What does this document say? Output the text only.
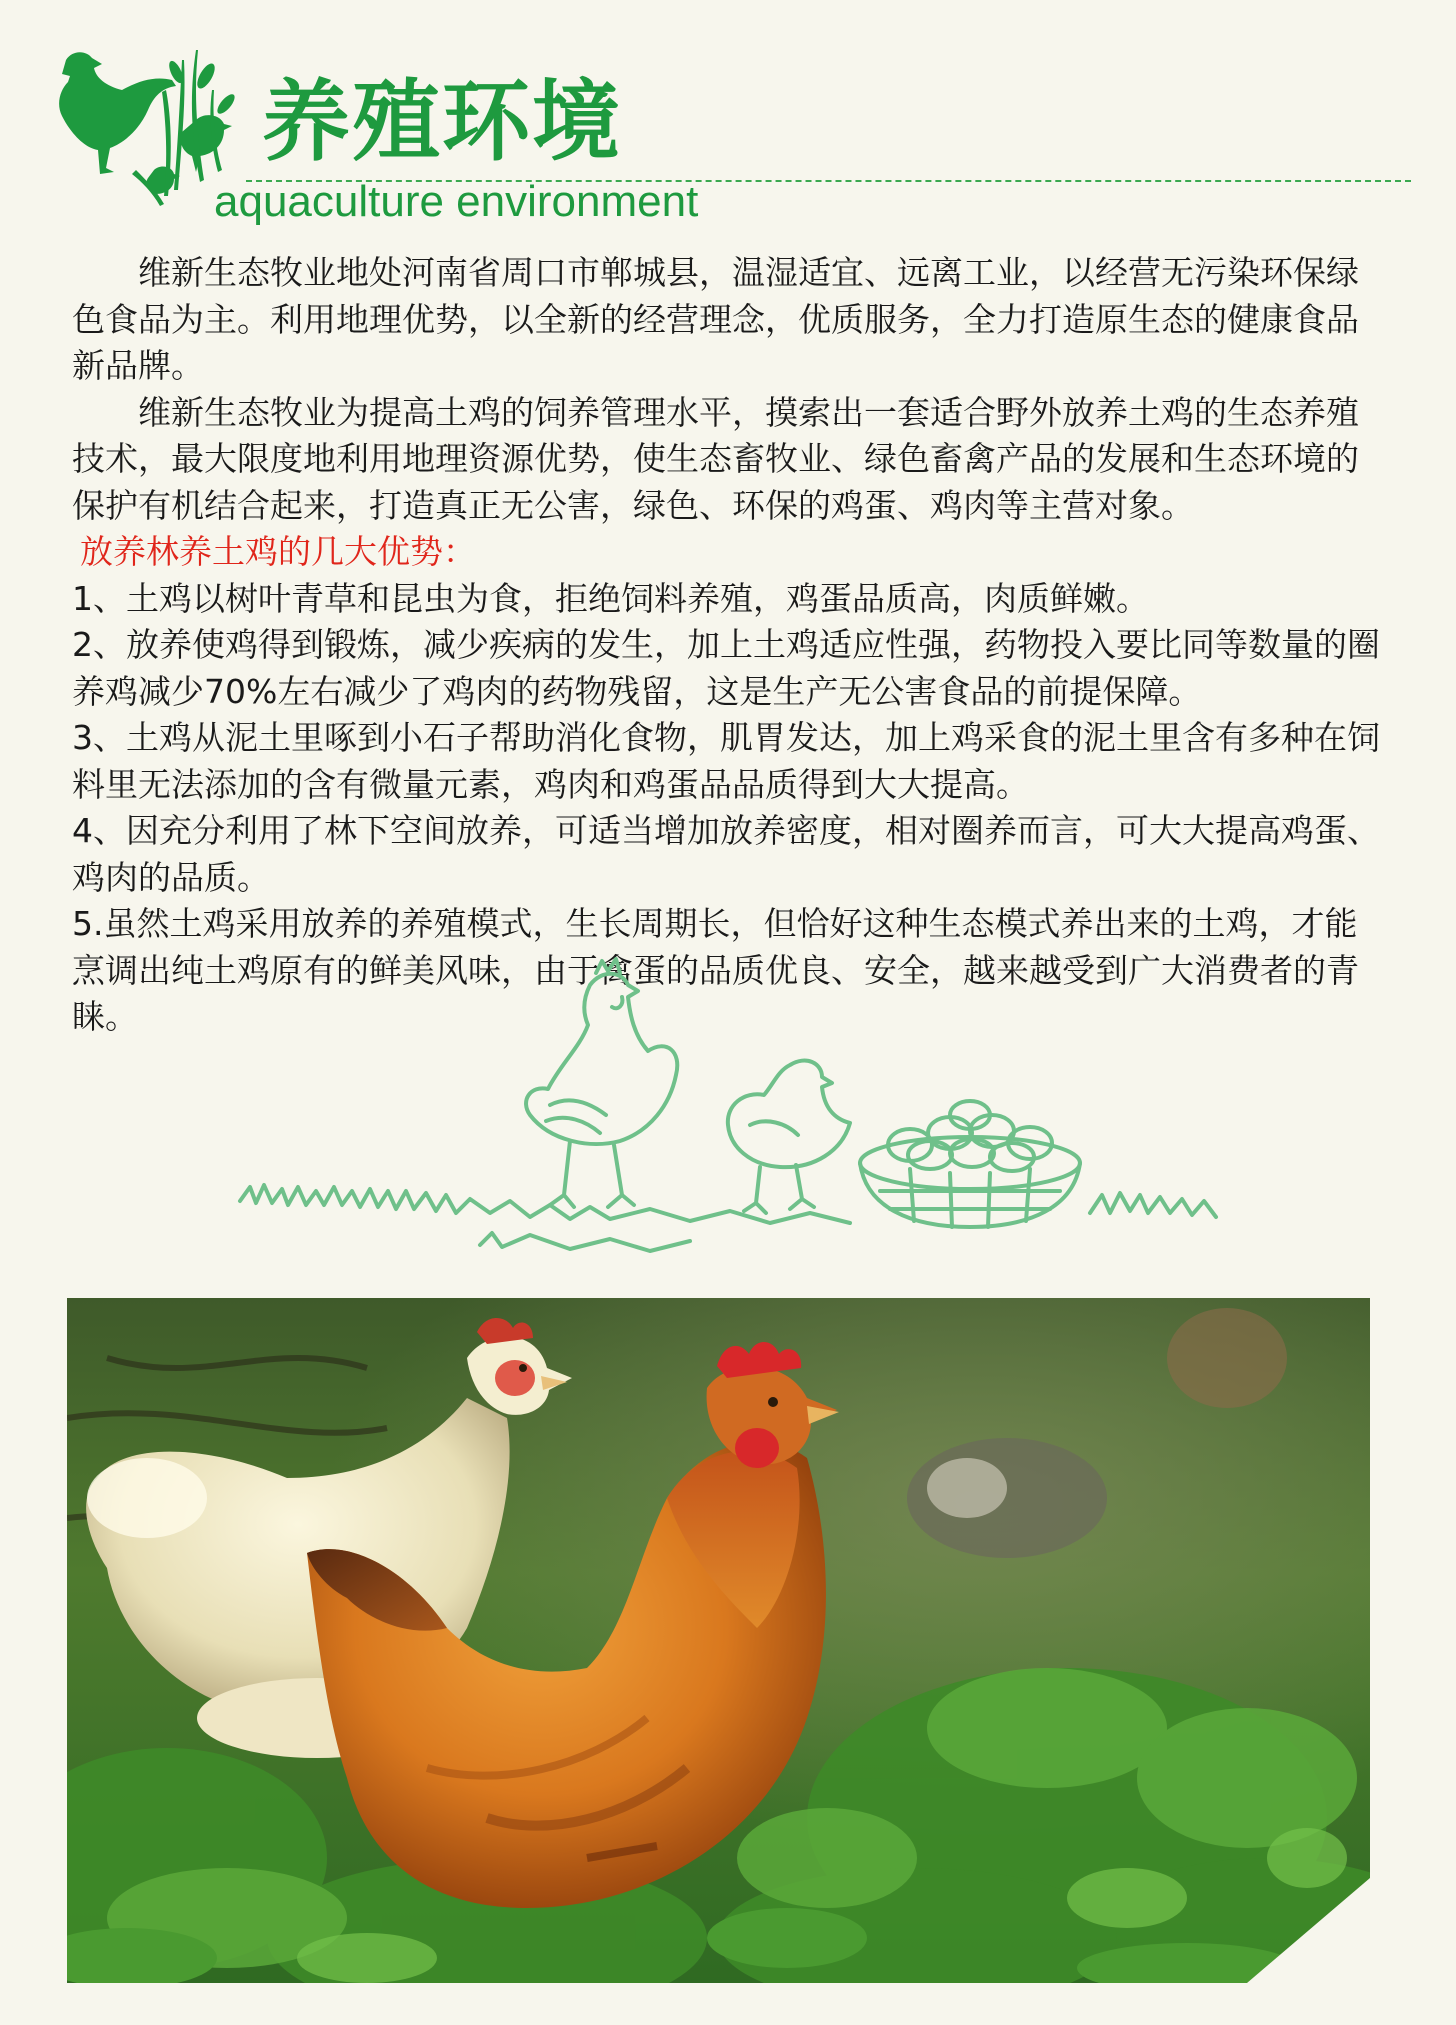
养殖环境
aquaculture environment

维新生态牧业地处河南省周口市郸城县，温湿适宜、远离工业，以经营无污染环保绿色食品为主。利用地理优势，以全新的经营理念，优质服务，全力打造原生态的健康食品新品牌。

维新生态牧业为提高土鸡的饲养管理水平，摸索出一套适合野外放养土鸡的生态养殖技术，最大限度地利用地理资源优势，使生态畜牧业、绿色畜禽产品的发展和生态环境的保护有机结合起来，打造真正无公害，绿色、环保的鸡蛋、鸡肉等主营对象。

放养林养土鸡的几大优势：

1、土鸡以树叶青草和昆虫为食，拒绝饲料养殖，鸡蛋品质高，肉质鲜嫩。

2、放养使鸡得到锻炼，减少疾病的发生，加上土鸡适应性强，药物投入要比同等数量的圈养鸡减少70%左右减少了鸡肉的药物残留，这是生产无公害食品的前提保障。

3、土鸡从泥土里啄到小石子帮助消化食物，肌胃发达，加上鸡采食的泥土里含有多种在饲料里无法添加的含有微量元素，鸡肉和鸡蛋品品质得到大大提高。

4、因充分利用了林下空间放养，可适当增加放养密度，相对圈养而言，可大大提高鸡蛋、鸡肉的品质。

5.虽然土鸡采用放养的养殖模式，生长周期长，但恰好这种生态模式养出来的土鸡，才能烹调出纯土鸡原有的鲜美风味，由于禽蛋的品质优良、安全，越来越受到广大消费者的青睐。
